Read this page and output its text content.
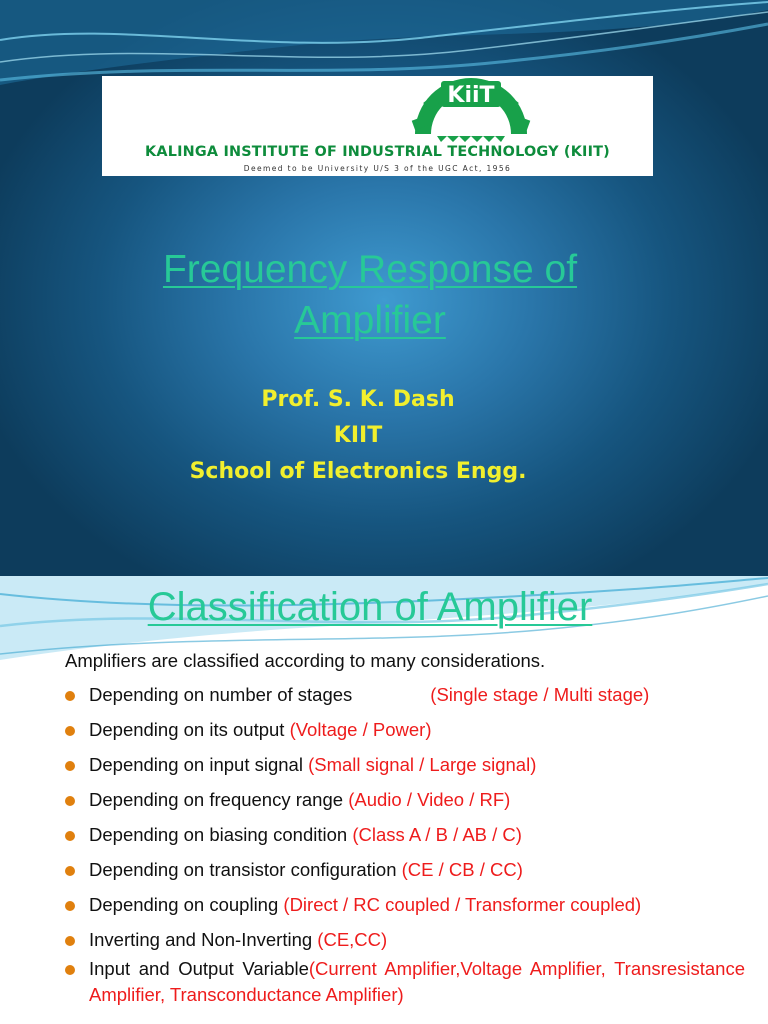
KiiT
KALINGA INSTITUTE OF INDUSTRIAL TECHNOLOGY (KIIT)
Deemed to be University U/S 3 of the UGC Act, 1956
Frequency Response of
Amplifier
Prof. S. K. Dash
KIIT
School of Electronics Engg.
Classification of Amplifier
Amplifiers are classified according to many considerations.
Depending on number of stages	(Single stage / Multi stage)
Depending on its output (Voltage / Power)
Depending on input signal (Small signal / Large signal)
Depending on frequency range (Audio / Video / RF)
Depending on biasing condition (Class A / B / AB / C)
Depending on transistor configuration (CE / CB / CC)
Depending on coupling (Direct / RC coupled / Transformer coupled)
Inverting and Non-Inverting (CE,CC)
Input and Output Variable(Current Amplifier,Voltage Amplifier, Transresistance Amplifier, Transconductance Amplifier)
